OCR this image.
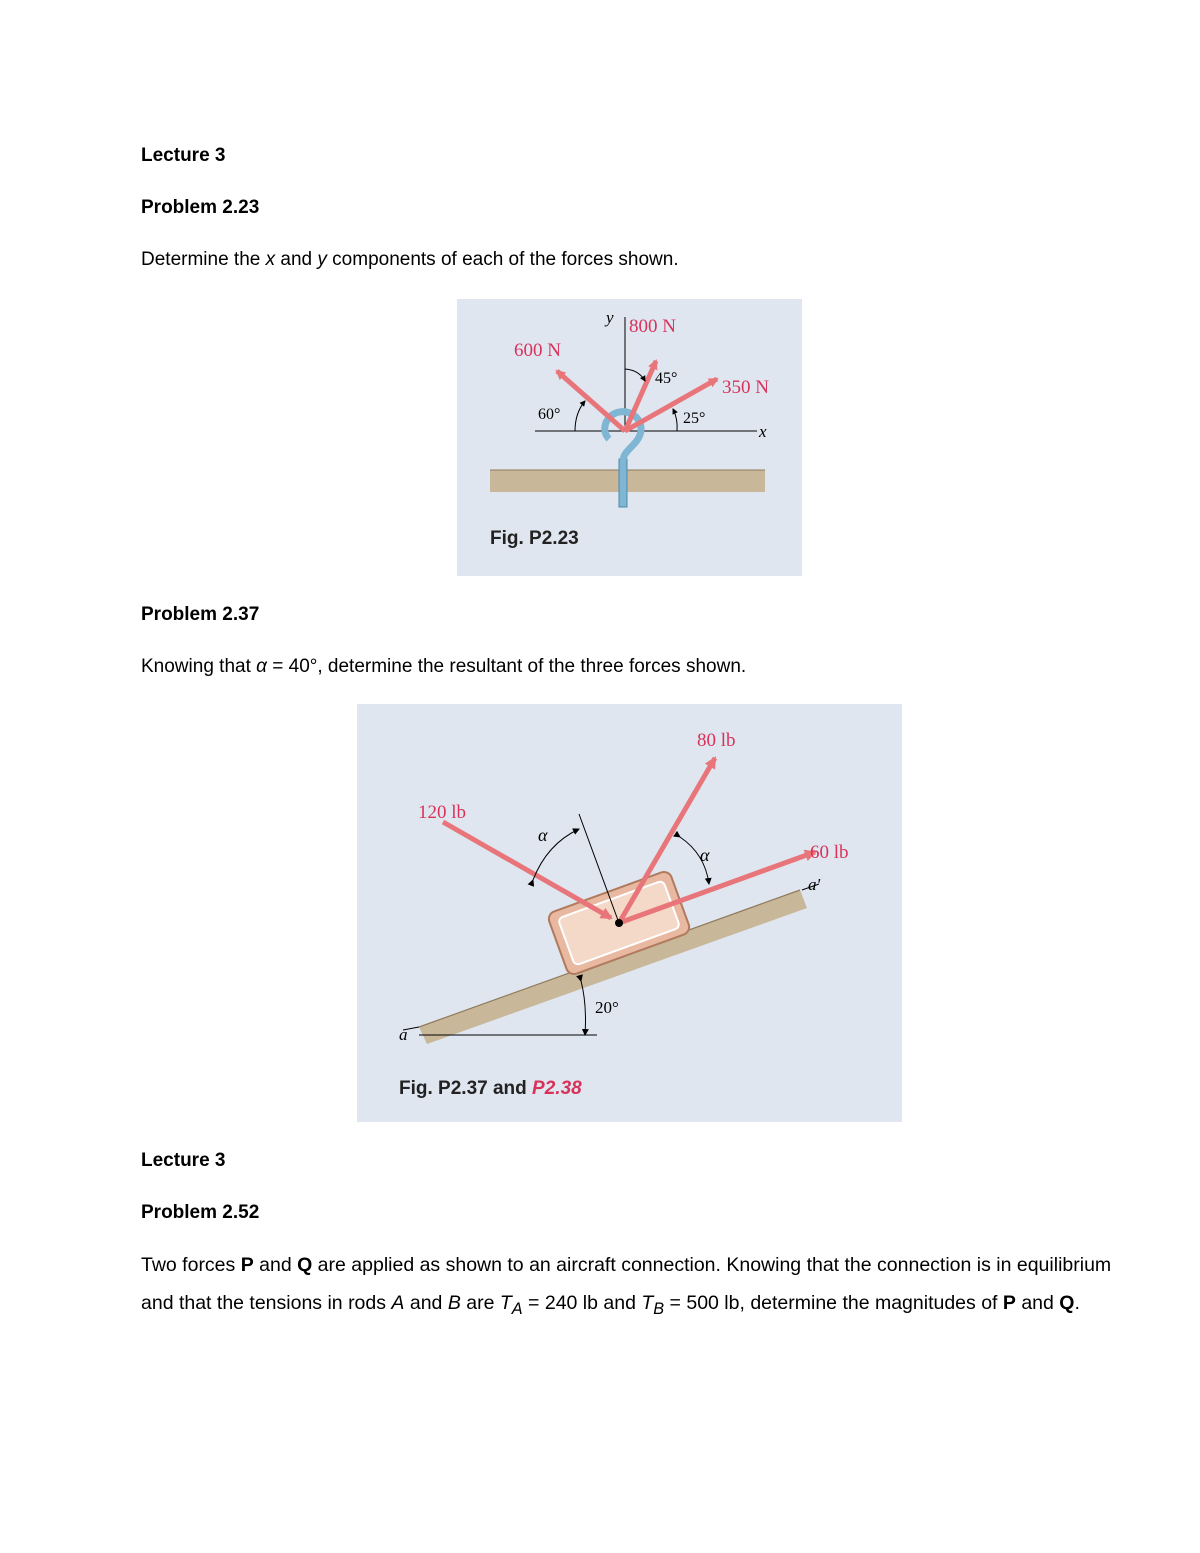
Lecture 3
Problem 2.23
Determine the x and y components of each of the forces shown.
y
x
800 N
600 N
350 N
45°
60°	25°
Fig. P2.23
Problem 2.37
Knowing that α = 40°, determine the resultant of the three forces shown.
80 lb
120 lb
60 lb
α
α
20°
a'
a
Fig. P2.37 and P2.38
Lecture 3
Problem 2.52
Two forces P and Q are applied as shown to an aircraft connection. Knowing that the connection is in equilibrium and that the tensions in rods A and B are $T_A = 240$ lb and $T_B = 500$ lb, determine the magnitudes of P and Q.
